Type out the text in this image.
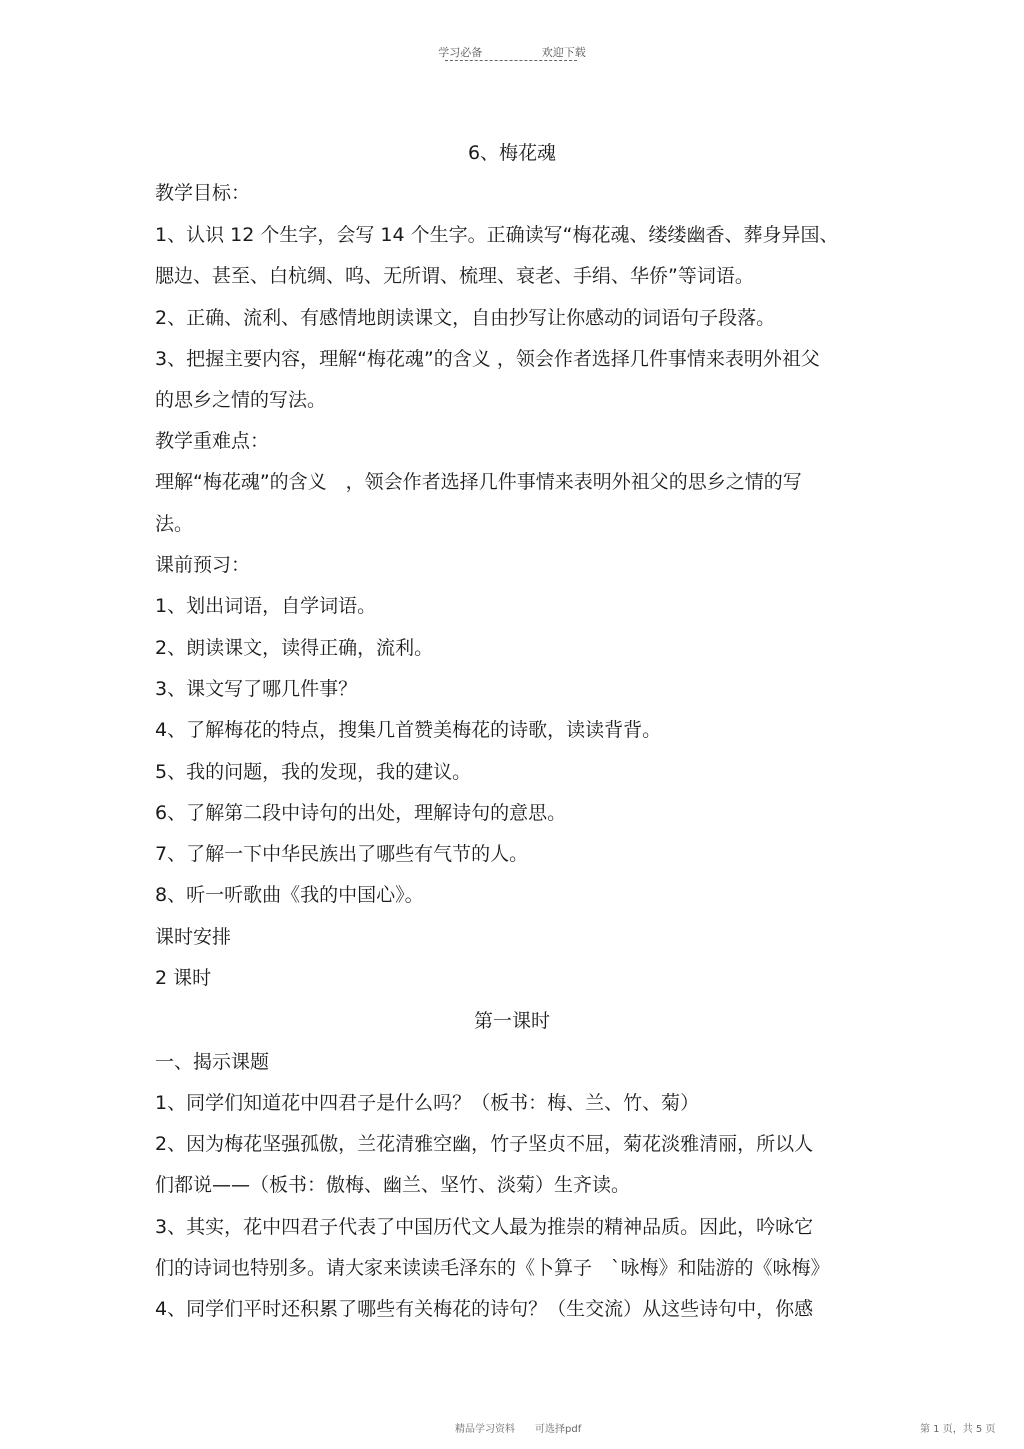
学习必备	欢迎下载
6、梅花魂
教学目标：
1、认识 12 个生字，会写 14 个生字。正确读写“梅花魂、缕缕幽香、葬身异国、
腮边、甚至、白杭绸、呜、无所谓、梳理、衰老、手绢、华侨”等词语。
2、正确、流利、有感情地朗读课文，自由抄写让你感动的词语句子段落。
3、把握主要内容，理解“梅花魂”的含义 ，领会作者选择几件事情来表明外祖父
的思乡之情的写法。
教学重难点：
理解“梅花魂”的含义　，领会作者选择几件事情来表明外祖父的思乡之情的写
法。
课前预习：
1、划出词语，自学词语。
2、朗读课文，读得正确，流利。
3、课文写了哪几件事？
4、了解梅花的特点，搜集几首赞美梅花的诗歌，读读背背。
5、我的问题，我的发现，我的建议。
6、了解第二段中诗句的出处，理解诗句的意思。
7、了解一下中华民族出了哪些有气节的人。
8、听一听歌曲《我的中国心》。
课时安排
2 课时
第一课时
一、揭示课题
1、同学们知道花中四君子是什么吗？（板书：梅、兰、竹、菊）
2、因为梅花坚强孤傲，兰花清雅空幽，竹子坚贞不屈，菊花淡雅清丽，所以人
们都说——（板书：傲梅、幽兰、坚竹、淡菊）生齐读。
3、其实，花中四君子代表了中国历代文人最为推崇的精神品质。因此，吟咏它
们的诗词也特别多。请大家来读读毛泽东的《卜算子　`咏梅》和陆游的《咏梅》
4、同学们平时还积累了哪些有关梅花的诗句？（生交流）从这些诗句中，你感
精品学习资料　　可选择pdf	第 1 页，共 5 页
